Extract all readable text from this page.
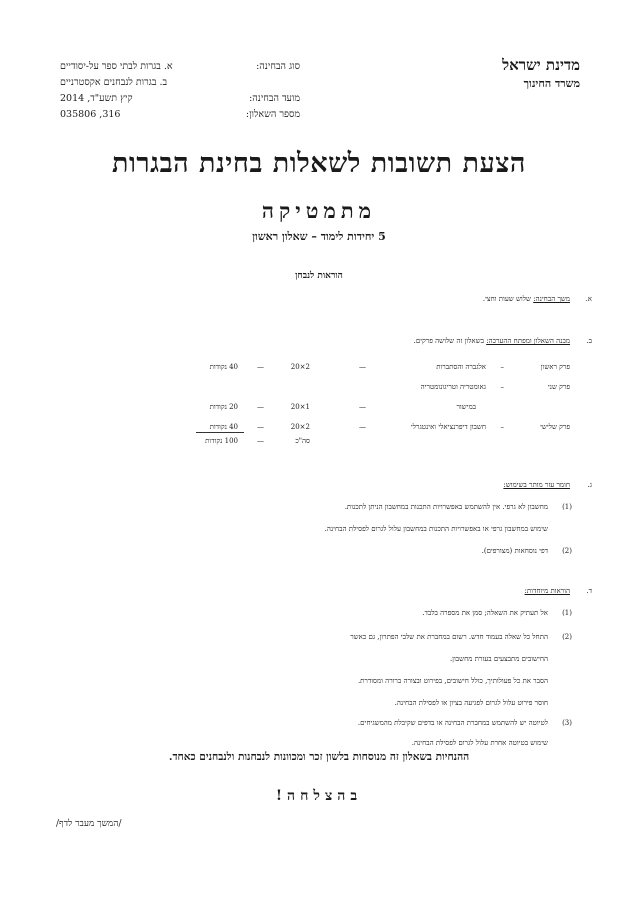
מדינת ישראל
משרד החינוך
סוג הבחינה:
א. בגרות לבתי ספר על-יסודיים
ב. בגרות לנבחנים אקסטרניים
מועד הבחינה:
קיץ תשע"ד, 2014
מספר השאלון:
316, 035806
הצעת תשובות לשאלות בחינת הבגרות
מתמטיקה
5 יחידות לימוד – שאלון ראשון
הוראות לנבחן
א.
משך הבחינה: שלוש שעות וחצי.
ב.
מבנה השאלון ומפתח ההערכה: בשאלון זה שלושה פרקים.
פרק ראשון
–
אלגברה והסתברות
—
2×20
—
40 נקודות
פרק שני
–
גאומטריה וטריגונומטריה
במישור
—
1×20
—
20 נקודות
פרק שלישי
–
חשבון דיפרנציאלי ואינטגרלי
—
2×20
—
40 נקודות
סה"כ
—
100 נקודות
ג.
חומר עזר מותר בשימוש:
(1)
מחשבון לא גרפי. אין להשתמש באפשרויות התכנות במחשבון הניתן לתכנות.
שימוש במחשבון גרפי או באפשרויות התכנות במחשבון עלול לגרום לפסילת הבחינה.
(2)
דפי נוסחאות (מצורפים).
ד.
הוראות מיוחדות:
(1)
אל תעתיק את השאלה; סמן את מספרה בלבד.
(2)
התחל כל שאלה בעמוד חדש. רשום במחברת את שלבי הפתרון, גם כאשר
החישובים מתבצעים בעזרת מחשבון.
הסבר את כל פעולותיך, כולל חישובים, בפירוט ובצורה ברורה ומסודרת.
חוסר פירוט עלול לגרום לפגיעה בציון או לפסילת הבחינה.
(3)
לטיוטה יש להשתמש במחברת הבחינה או בדפים שקיבלת מהמשגיחים.
שימוש בטיוטה אחרת עלול לגרום לפסילת הבחינה.
ההנחיות בשאלון זה מנוסחות בלשון זכר ומכוונות לנבחנות ולנבחנים כאחד.
בהצלחה!
/המשך מעבר לדף/
